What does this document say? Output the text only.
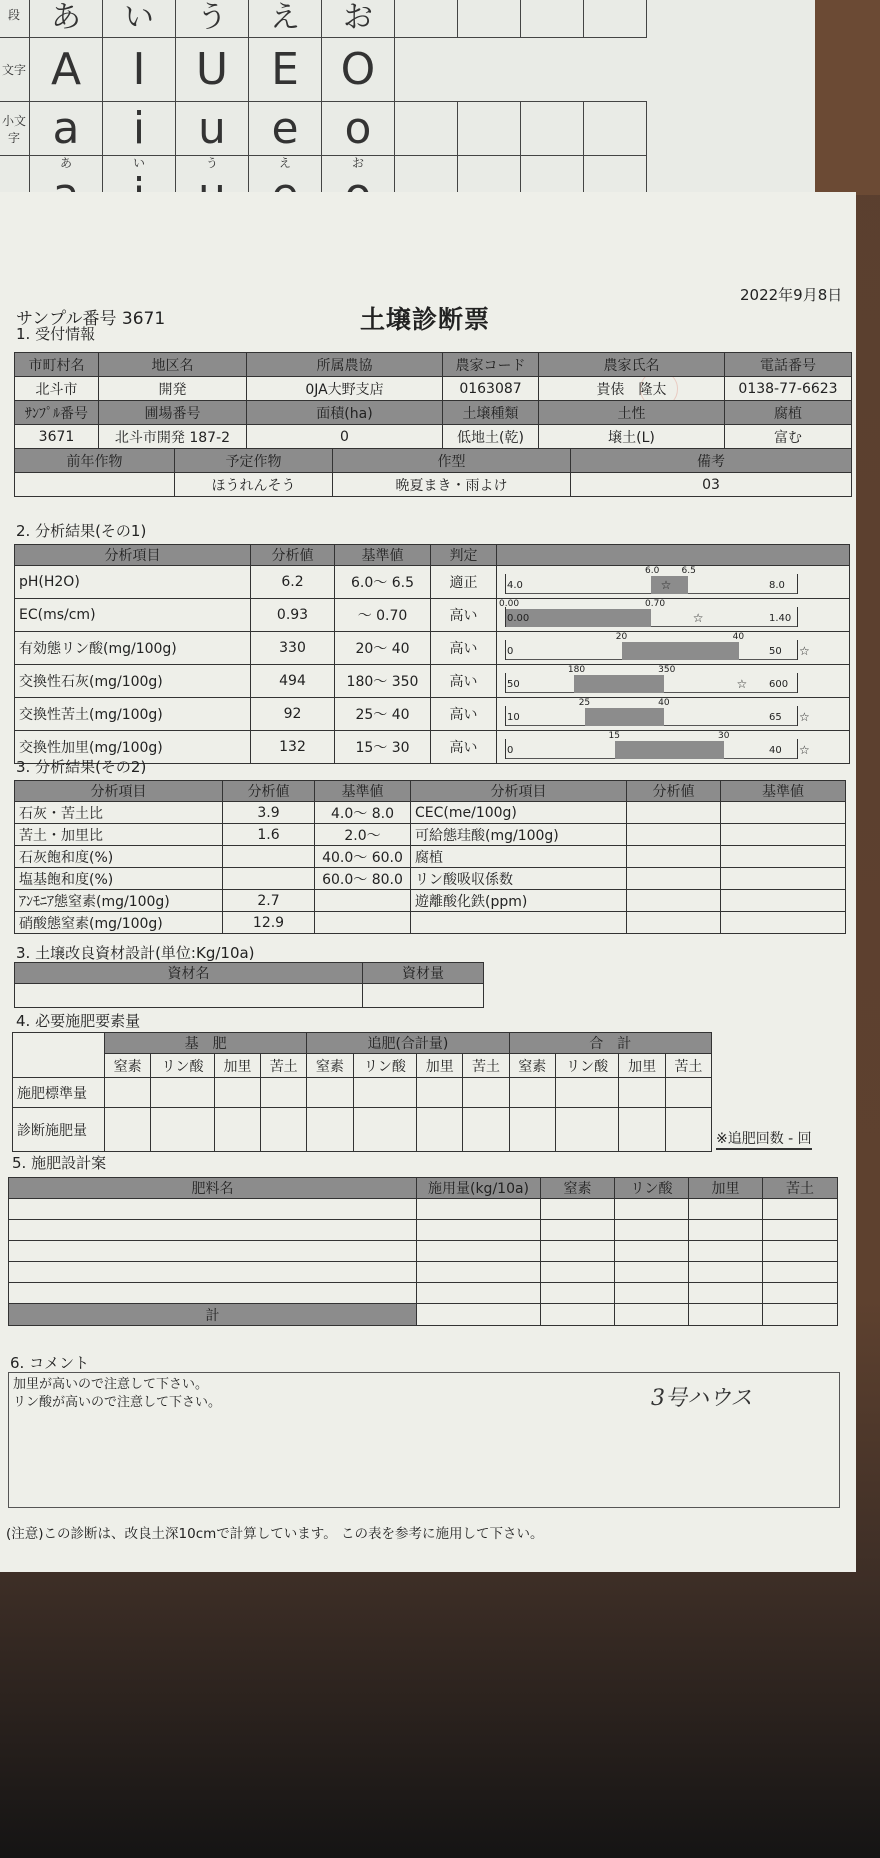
段	あ	い	う	え	お				
文字	A	I	U	E	O				
小文字	a	i	u	e	o				

	あ	い	う	え	お				

サンプル番号 3671	土壌診断票
2022年9月8日
1. 受付情報
市町村名	地区名	所属農協	農家コード	農家氏名	電話番号
北斗市	開発	0JA大野支店	0163087	貴俵　隆太	0138-77-6623
ｻﾝﾌﾟﾙ番号	圃場番号	面積(ha)	土壌種類	土性	腐植
3671	北斗市開発 187-2	0	低地土(乾)	壌土(L)	富む
前年作物	予定作物	作型	備考
	ほうれんそう	晩夏まき・雨よけ	03
2. 分析結果(その1)
分析項目	分析値	基準値	判定	
pH(H2O)	6.2	6.0～ 6.5	適正	4.0 8.0
6.0 6.5
☆

EC(ms/cm)	0.93	～ 0.70	高い	0.00 1.40
0.00 0.70
☆

有効態リン酸(mg/100g)	330	20～ 40	高い	0 50
20 40
☆

交換性石灰(mg/100g)	494	180～ 350	高い	50 600
180 350
☆

交換性苦土(mg/100g)	92	25～ 40	高い	10 65
25 40
☆

交換性加里(mg/100g)	132	15～ 30	高い	0 40
15 30
☆
3. 分析結果(その2)
分析項目	分析値	基準値	分析項目	分析値	基準値
石灰・苦土比	3.9	4.0～ 8.0	CEC(me/100g)		
苦土・加里比	1.6	2.0～	可給態珪酸(mg/100g)		
石灰飽和度(%)		40.0～ 60.0	腐植		
塩基飽和度(%)		60.0～ 80.0	リン酸吸収係数		
ｱﾝﾓﾆｱ態窒素(mg/100g)	2.7		遊離酸化鉄(ppm)		
硝酸態窒素(mg/100g)	12.9				
3. 土壌改良資材設計(単位:Kg/10a)
資材名	資材量

4. 必要施肥要素量
	基　肥				追肥(合計量)				合　計			
	窒素	リン酸	加里	苦土	窒素	リン酸	加里	苦土	窒素	リン酸	加里	苦土
施肥標準量												
診断施肥量												
※追肥回数 - 回
5. 施肥設計案
肥料名	施用量(kg/10a)	窒素	リン酸	加里	苦土

計					
6. コメント
加里が高いので注意して下さい。
リン酸が高いので注意して下さい。	3号ハウス
(注意)この診断は、改良土深10cmで計算しています。 この表を参考に施用して下さい。
